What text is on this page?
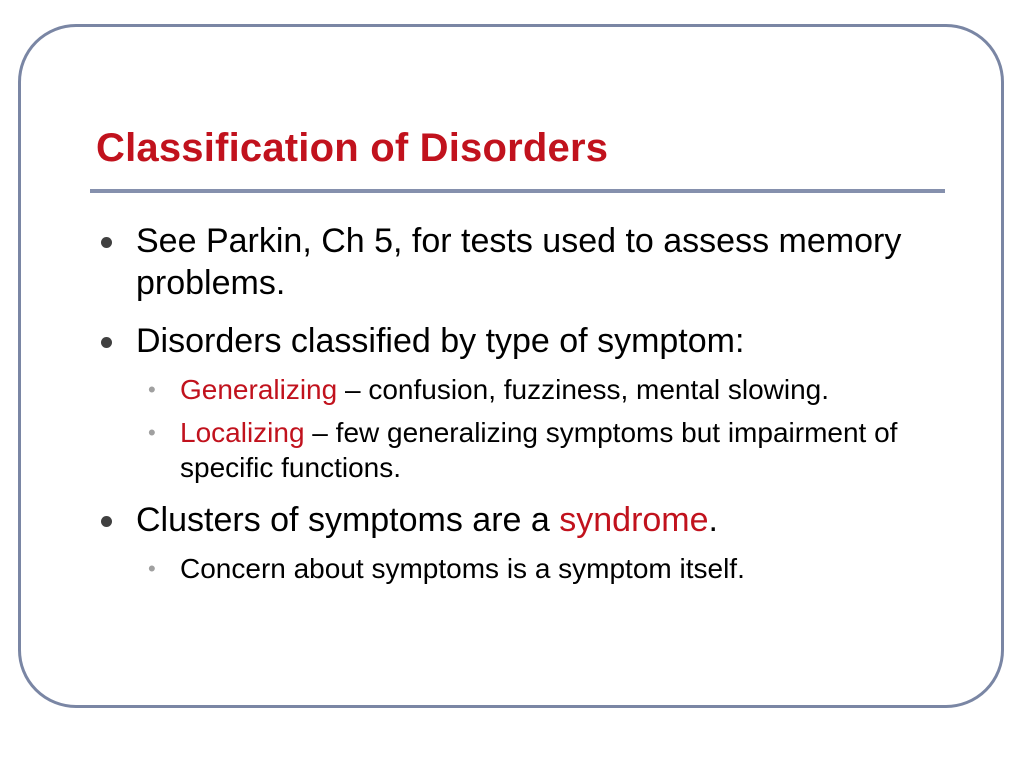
Classification of Disorders
See Parkin, Ch 5, for tests used to assess memory problems.
Disorders classified by type of symptom:
• Generalizing – confusion, fuzziness, mental slowing.
• Localizing – few generalizing symptoms but impairment of specific functions.
Clusters of symptoms are a syndrome.
• Concern about symptoms is a symptom itself.
